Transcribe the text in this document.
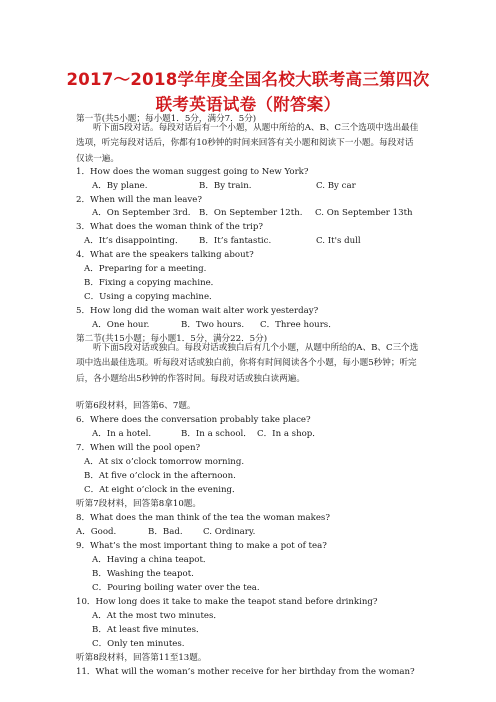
2017～2018学年度全国名校大联考高三第四次
联考英语试卷（附答案）
第一节(共5小题；每小题1．5分，满分7．5分)
听下面5段对话。每段对话后有一个小题，从题中所给的A、B、C三个选项中选出最佳选项，听完每段对话后，你都有10秒钟的时间来回答有关小题和阅读下一小题。每段对话仅读一遍。
1．How does the woman suggest going to New York?
A．By plane.	B．By train.	C. By car
2．When will the man leave?
A．On September 3rd. B．On September 12th. C. On September 13th
3．What does the woman think of the trip?
A．It’s disappointing． B．It’s fantastic.	C. It's dull
4．What are the speakers talking about?
A．Preparing for a meeting.
B．Fixing a copying machine．
C．Using a copying machine．
5．How long did the woman wait alter work yesterday?
A．One hour.	B．Two hours. C．Three hours．
第二节(共15小题；每小题1．5分，满分22．5分)
听下面5段对话或独白。每段对话或独白后有几个小题，从题中所给的A、B、C三个选项中选出最佳选项。听每段对话或独白前，你将有时间阅读各个小题，每小题5秒钟；听完后，各小题给出5秒钟的作答时间。每段对话或独白读两遍。
听第6段材料，回答第6、7题。
6．Where does the conversation probably take place?
A．In a hotel.	B．In a school． C．In a shop．
7．When will the pool open?
A．At six o’clock tomorrow morning.
B．At five o’clock in the afternoon.
C．At eight o’clock in the evening．
听第7段材料，回答第8拿10题。
8．What does the man think of the tea the woman makes?
A．Good.	B．Bad. C. Ordinary.
9．What’s the most important thing to make a pot of tea?
A．Having a china teapot．
B．Washing the teapot.
C．Pouring boiling water over the tea.
10．How long does it take to make the teapot stand before drinking?
A．At the most two minutes．
B．At least five minutes．
C．Only ten minutes.
听第8段材料，回答第11至13题。
11．What will the woman’s mother receive for her birthday from the woman?
